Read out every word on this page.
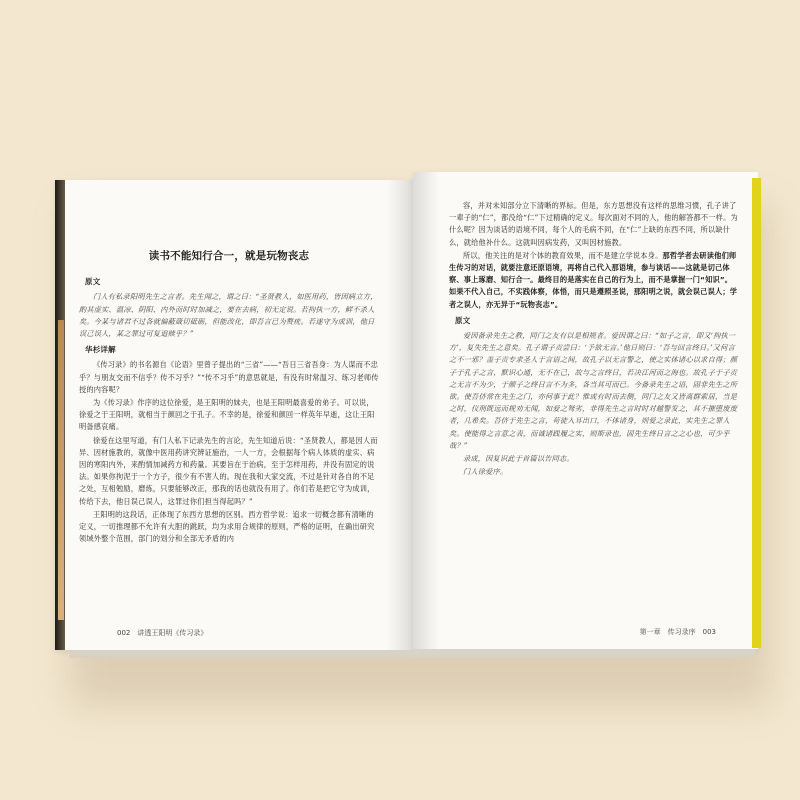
读书不能知行合一，就是玩物丧志
原文

门人有私录阳明先生之言者。先生闻之，谓之曰：“圣贤教人，如医用药，皆因病立方，酌其虚实、温凉、阴阳、内外而时时加减之，要在去病，初无定说。若拘执一方，鲜不杀人矣。今某与诸君不过各就偏蔽箴切砥砺，但能改化，即吾言已为赘疣。若遂守为成训，他日误己误人，某之罪过可复追赎乎？”

华杉详解

《传习录》的书名源自《论语》里曾子提出的“三省”——“吾日三省吾身：为人谋而不忠乎？与朋友交而不信乎？传不习乎？”“传不习乎”的意思就是，有没有时常温习、练习老师传授的内容呢？

为《传习录》作序的这位徐爱，是王阳明的妹夫，也是王阳明最喜爱的弟子。可以说，徐爱之于王阳明，就相当于颜回之于孔子。不幸的是，徐爱和颜回一样英年早逝，这让王阳明备感哀痛。

徐爱在这里写道，有门人私下记录先生的言论，先生知道后说：“圣贤教人，都是因人而异、因材施教的，就像中医用药讲究辨证施治，一人一方，会根据每个病人体质的虚实、病因的寒阳内外，来酌情加减药方和药量。其要旨在于治病，至于怎样用药，并没有固定的说法。如果你拘泥于一个方子，很少有不害人的。现在我和大家交流，不过是针对各自的不足之处，互相勉励，磨炼，只要能够改正，那我的话也就没有用了。你们若是把它守为成训，传给下去，他日误己误人，这罪过你们担当得起吗？”

王阳明的这段话，正体现了东西方思想的区别。西方哲学说：追求一切概念都有清晰的定义，一切推理都不允许有大胆的跳跃，均为求用合规律的原则，严格的证明，在确出研究领域外整个范围，部门的划分和全部无矛盾的内

002　讲透王阳明《传习录》

容，并对未知部分立下清晰的界标。但是，东方思想没有这样的思维习惯，孔子讲了一辈子的“仁”，都没给“仁”下过精确的定义。每次面对不同的人，他的解答都不一样。为什么呢？因为谈话的语境不同，每个人的毛病不同，在“仁”上缺的东西不同，所以缺什么，就给他补什么。这就叫因病发药，又叫因材施教。

所以，他关注的是对个体的教育效果，而不是建立学说本身。那哲学者去研读他们师生传习的对话，就要注意还原语境，再将自己代入那语境，参与谈话——这就是切己体察、事上琢磨、知行合一。最终目的是落实在自己的行为上，而不是掌握一门“知识”。如果不代入自己，不实践体察，体悟，而只是遵照圣说，那阳明之说，就会误己误人；学者之误人，亦无异于“玩物丧志”。

原文

爱因备录先生之教，同门之友有以是相规者。爱因谓之曰：“如子之言，即又‘拘执一方’，复失先生之意矣。孔子谓子贡尝曰：‘予欲无言。’他日则曰：‘吾与回言终日。’又何言之不一邪？盖子贡专求圣人于言语之间，故孔子以无言警之，使之实体诸心以求自得；颜子于孔子之言，默识心通，无不在己，故与之言终日，若决江河而之海也。故孔子于子贡之无言不为少，于颜子之终日言不为多，各当其可而已。今备录先生之语，固非先生之所欲。使吾侪常在先生之门，亦何事于此？惟或有时而去侧，同门之友又皆离群索居，当是之时，仪刑既远而规劝无闻，如爱之驽劣，非得先生之言时时对越警发之，其不摧堕废废者，几希矣。吾侪于先生之言，苟徒入耳出口，不体诸身，则爱之录此，实先生之罪人矣。使能得之言意之表，而诚诸践履之实，则斯录也，固先生终日言之之心也，可少乎哉？”

录成，因复识此于首篇以告同志。

门人徐爱序。

第一章　传习录序　003
